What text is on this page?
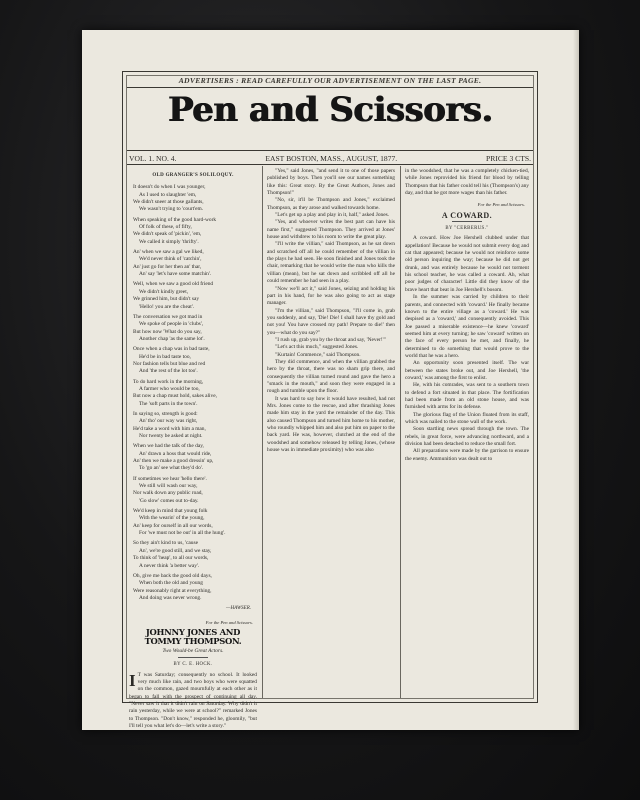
ADVERTISERS : READ CAREFULLY OUR ADVERTISEMENT ON THE LAST PAGE.
Pen and Scissors.
VOL. 1. NO. 4.	EAST BOSTON, MASS., AUGUST, 1877.	PRICE 3 CTS.
OLD GRANGER'S SOLILOQUY.
It doesn't do when I was younger,
As I used to slaughter 'em,
We didn't sneer at those gallants,
We wasn't trying to 'court'em.
When speaking of the good hard-work
Of folk of these, of fifty,
We didn't speak of 'pickin', 'em,
We called it simply 'thrifty'.
An' when we saw a gal we liked,
We'd never think of 'catchin',
An' just go for her then an' thar,
An' say 'let's have some matchin'.
Well, when we saw a good old friend
We didn't kindly greet,
We grinned him, but didn't say
'Hello! you are the cheat'.
The conversation we got mad in
We spoke of people in 'clubs',
But how now 'What do you say,
Another chap 'as the same lot'.
Once when a chap was in bad taste,
He'd be in bad taste too,
Nor fashion tells but blue and red
And 'the rest of the lot too'.
To do hard work in the morning,
A farmer who would be too,
But now a chap must hold, sakes alive,
The 'soft parts in the town'.
In saying so, strength is good:
An' tho' our way was right,
He'd take a word with him a man,
Nor twenty be asked at night.
When we had the talk of the day,
An' drawn a hoss that would ride,
An' then we make a good dressin' up,
To 'go an' see what they'd do'.
If sometimes we hear 'hello there'.
We still will wash our way,
Nor walk down any public road,
'Go slow' comes out to-day.
We'd keep in mind that young folk
With the wearin' of the young,
An' keep for ourself in all our words,
For 'we must not be out' in all the hung'.
So they ain't kind to us, 'cause
An', we're good still, and we stay,
To think of 'heap', to all our words,
A never think 'a better way'.
Oh, give me back the good old days,
When both the old and young
Were reasonably right at everything,
And doing was never wrong.
—HAWSER.
For the Pen and Scissors.
JOHNNY JONES AND TOMMY THOMPSON.
Two Would-be Great Actors.
BY C. E. HOCK.

I T was Saturday; consequently no school. It looked very much like rain, and two boys who were squatted on the common, gazed mournfully at each other as it began to fall with the prospect of continuing all day. "Never saw it that it didn't rain on Saturday. Why didn't it rain yesterday, while we were at school?" remarked Jones to Thompson. "Don't know," responded he, gloomily, "but I'll tell you what let's do—let's write a story."

"Yes," said Jones, "and send it to one of those papers published by boys. Then you'll see our names something like this: Great story. By the Great Authors, Jones and Thompson!"

"No, sir, it'll be Thompson and Jones," exclaimed Thompson, as they arose and walked towards home.

"Let's get up a play and play in it, half," asked Jones.

"Yes, and whoever writes the best part can have his name first," suggested Thompson. They arrived at Jones' house and withdrew to his room to write the great play.

"I'll write the villian," said Thompson, as he sat down and scratched off all he could remember of the villian in the plays he had seen. He soon finished and Jones took the chair, remarking that he would write the man who kills the villian (mean), but he sat down and scribbled off all he could remember he had seen in a play.

"Now we'll act it," said Jones, seizing and holding his part in his hand, for he was also going to act as stage manager.

"I'm the villian," said Thompson, "I'll come in, grab you suddenly, and say, 'Die! Die! I shall have thy gold and not you! You have crossed my path! Prepare to die!' then you—what do you say?"

"I rush up, grab you by the throat and say, 'Never!'"

"Let's act this much," suggested Jones.

"Kurtain! Commence," said Thompson.

They did commence, and when the villian grabbed the hero by the throat, there was no sham grip there, and consequently the villian turned round and gave the hero a "smack in the mouth," and soon they were engaged in a rough and tumble upon the floor.

It was hard to say how it would have resulted, had not Mrs. Jones come to the rescue, and after thrashing Jones made him stay in the yard the remainder of the day. This also caused Thompson and turned him home to his mother, who roundly whipped him and also put him on paper to the back yard. He was, however, clutched at the end of the woodshed and somehow released by telling Jones, (whose house was in immediate proximity) who was also

in the woodshed, that he was a completely chicken-tied, while Jones reprovided his friend for blood by telling Thompson that his father could tell his (Thompson's) any day, and that he got more wages than his father.

For the Pen and Scissors.
A COWARD.
BY "CERBERUS."

A coward. How Joe Hershell clubbed under that appellation! Because he would not submit every dog and cat that appeared; because he would not reinforce some old person inquiring the way; because he did not get drunk, and was entirely because he would not torment his school teacher, he was called a coward. Ah, what poor judges of character! Little did they know of the brave heart that beat in Joe Hershell's bosom.

In the summer was carried by children to their parents, and connected with 'coward.' He finally became known to the entire village as a 'coward.' He was despised as a 'coward,' and consequently avoided. This Joe passed a miserable existence—he knew 'coward' seemed him at every turning; he saw 'coward' written on the face of every person he met, and finally, he determined to do something that would prove to the world that he was a hero.

An opportunity soon presented itself. The war between the states broke out, and Joe Hershell, 'the coward,' was among the first to enlist.

He, with his comrades, was sent to a southern town to defend a fort situated in that place. The fortification had been made from an old stone house, and was furnished with arms for its defense.

The glorious flag of the Union floated from its staff, which was nailed to the stone wall of the work.

Soon startling news spread through the town. The rebels, in great force, were advancing northward, and a division had been detached to reduce the small fort.

All preparations were made by the garrison to ensure the enemy. Ammunition was dealt out to
